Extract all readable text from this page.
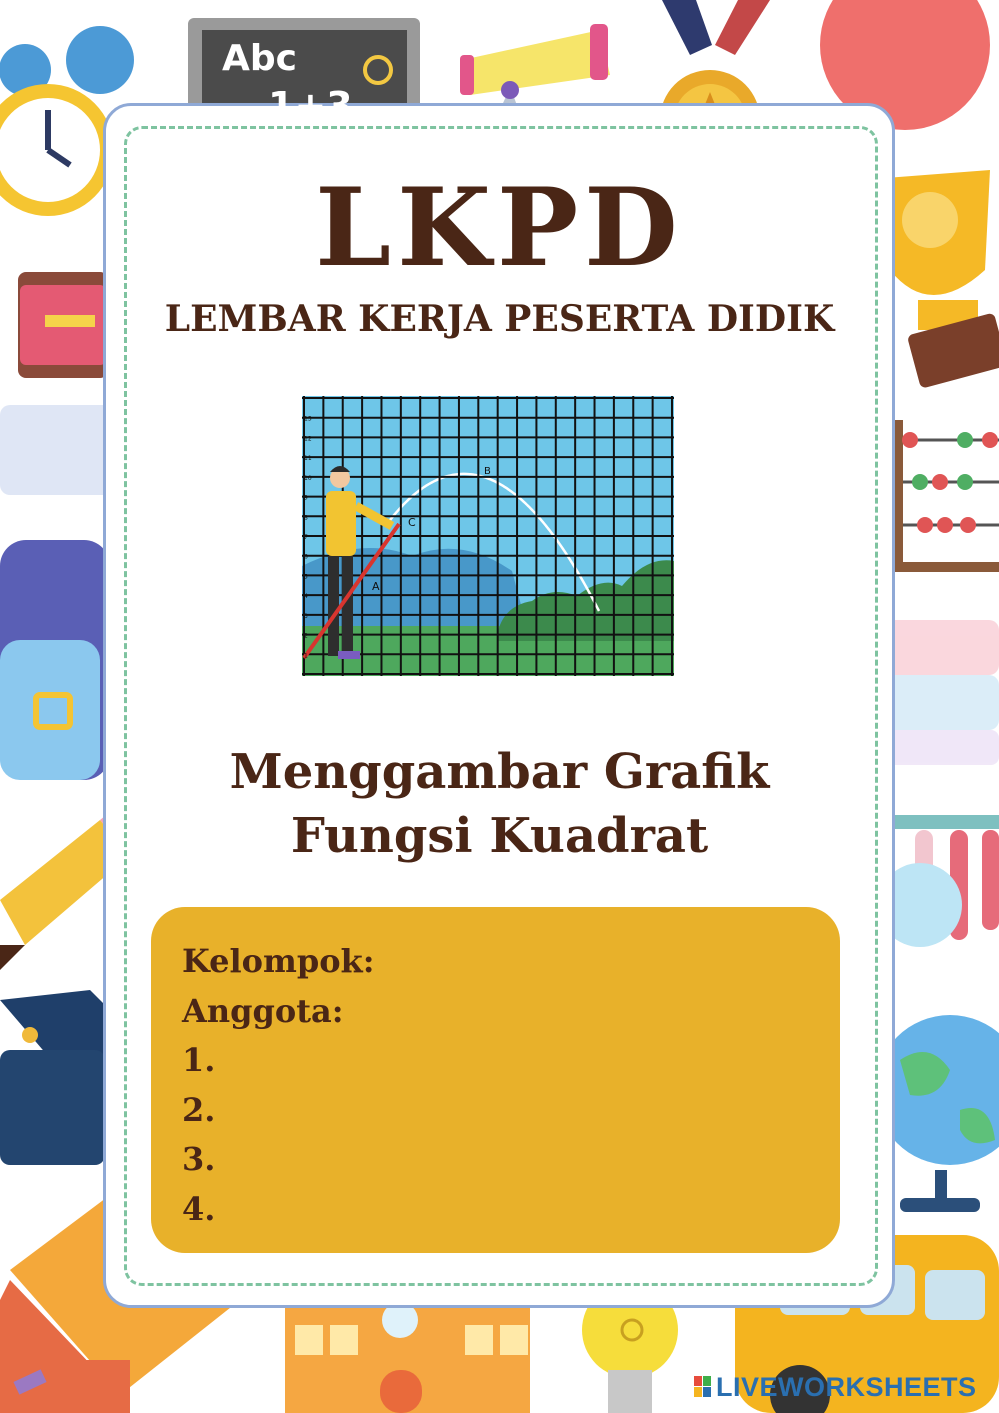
Abc
1+3
LKPD
LEMBAR KERJA PESERTA DIDIK
A
B
C
1
2
3
4
5
6
7
8
9
10
11
12
13
Menggambar Grafik
Fungsi Kuadrat
Kelompok:
Anggota:
1.
2.
3.
4.
LIVEWORKSHEETS
